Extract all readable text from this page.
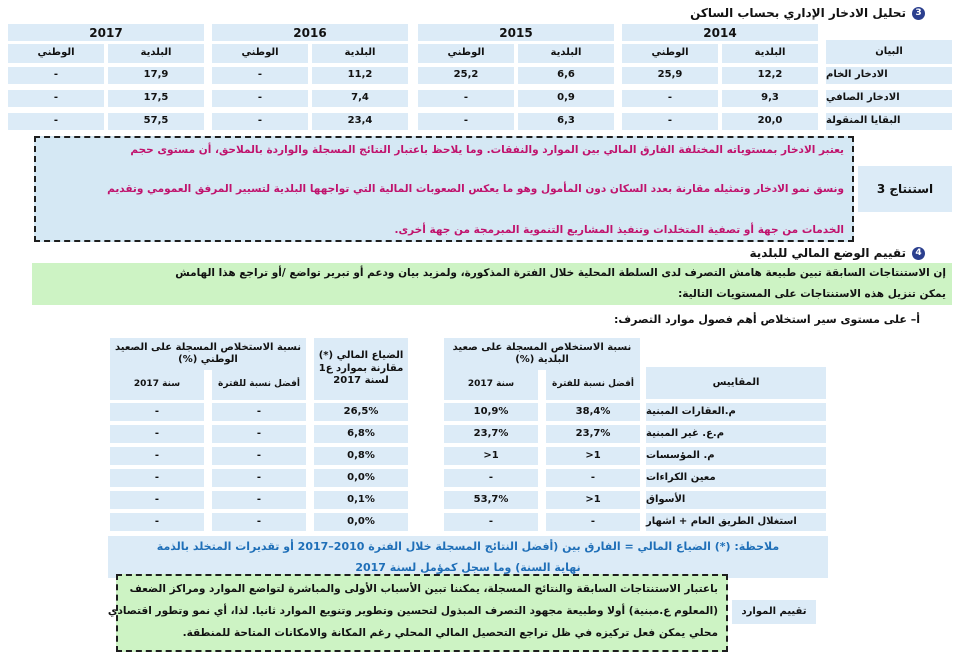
3
تحليل الادخار الإداري بحساب الساكن
2014
2015
2016
2017
البلدية
الوطني
البلدية
الوطني
البلدية
الوطني
البلدية
الوطني	البيان
الادخار الخام
12,2
25,9
6,6
25,2
11,2
-
17,9
-
الادخار الصافي
9,3
-
0,9
-
7,4
-
17,5
-
البقايا المنقولة
20,0
-
6,3
-
23,4
-
57,5
-
يعتبر الادخار بمستوياته المختلفة الفارق المالي بين الموارد والنفقات. وما يلاحظ باعتبار النتائج المسجلة والواردة بالملاحق، أن مستوى حجم
ونسق نمو الادخار وتمثيله مقارنة بعدد السكان دون المأمول وهو ما يعكس الصعوبات المالية التي تواجهها البلدية لتسيير المرفق العمومي وتقديم
الخدمات من جهة أو تصفية المتخلدات وتنفيذ المشاريع التنموية المبرمجة من جهة أخرى.
استنتاج 3
4
تقييم الوضع المالي للبلدية
إن الاستنتاجات السابقة تبين طبيعة هامش التصرف لدى السلطة المحلية خلال الفترة المذكورة، ولمزيد بيان ودعم أو تبرير تواضع /أو تراجع هذا الهامش
يمكن تنزيل هذه الاستنتاجات على المستويات التالية:
أ– على مستوى سير استخلاص أهم فصول موارد التصرف:
المقاييس
نسبة الاستخلاص المسجلة على صعيد البلدية (%)
الضياع المالي (*) مقارنة بموارد ع1 لسنة 2017
نسبة الاستخلاص المسجلة على الصعيد الوطني (%)
أفضل نسبة للفترة
سنة 2017
أفضل نسبة للفترة
سنة 2017
م.العقارات المبنية
38,4%
10,9%
26,5%
-
-
م.ع. غير المبنية
23,7%
23,7%
6,8%
-
-
م. المؤسسات
1<
1<
0,8%
-
-
معين الكراءات
-
-
0,0%
-
-
الأسواق
1<
53,7%
0,1%
-
-
استغلال الطريق العام + اشهار
-
-
0,0%
-
-
ملاحظة: (*) الضياع المالي = الفارق بين (أفضل النتائج المسجلة خلال الفترة 2010–2017 أو تقديرات المتخلد بالذمة
نهاية السنة) وما سجل كمؤمل لسنة 2017
باعتبار الاستنتاجات السابقة والنتائج المسجلة، يمكننا تبين الأسباب الأولى والمباشرة لتواضع الموارد ومراكز الضعف
(المعلوم ع.مبنية) أولا وطبيعة مجهود التصرف المبذول لتحسين وتطوير وتنويع الموارد ثانيا. لذا، أي نمو وتطور اقتصادي
محلي يمكن فعل تركيزه في ظل تراجع التحصيل المالي المحلي رغم المكانة والامكانات المتاحة للمنطقة.
تقييم الموارد
